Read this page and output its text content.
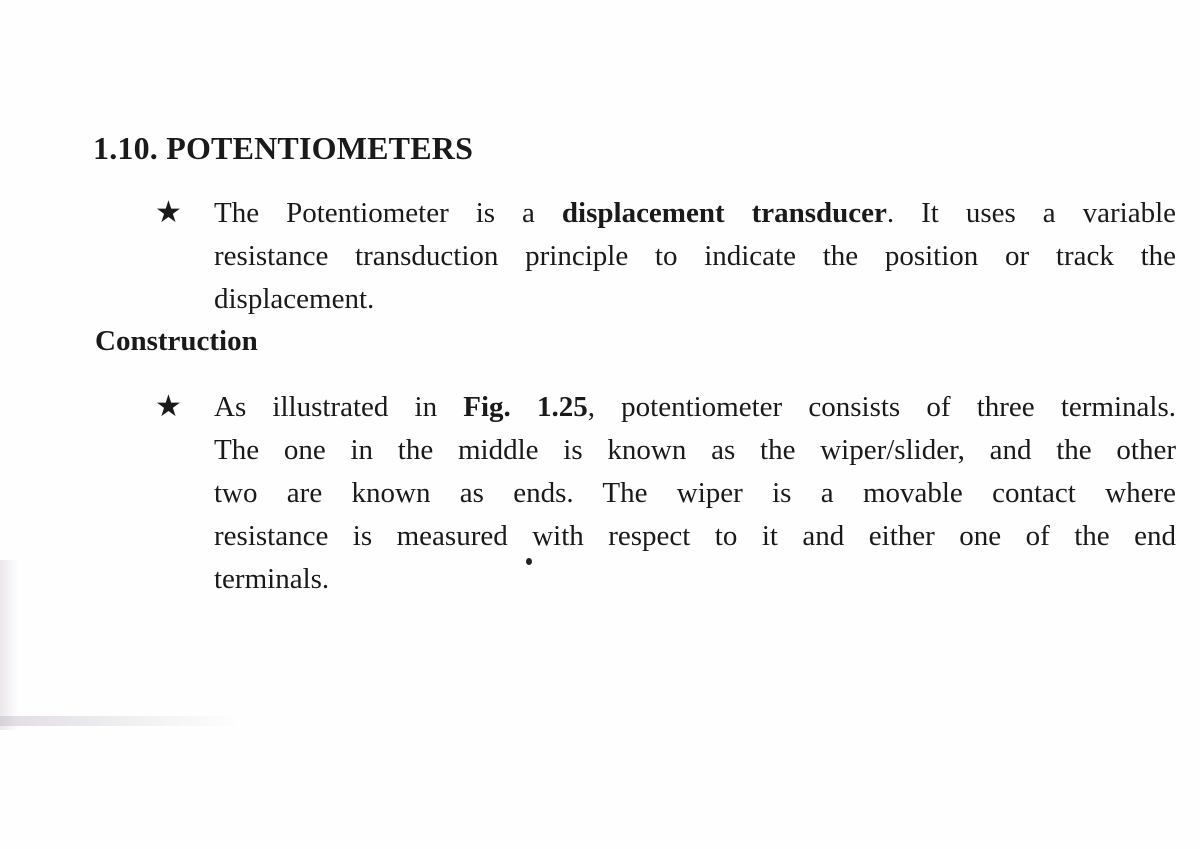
1.10. POTENTIOMETERS
★ The Potentiometer is a displacement transducer. It uses a variable
resistance transduction principle to indicate the position or track the
displacement.
Construction
★ As illustrated in Fig. 1.25, potentiometer consists of three terminals.
The one in the middle is known as the wiper/slider, and the other
two are known as ends. The wiper is a movable contact where
resistance is measured with respect to it and either one of the end
terminals.
